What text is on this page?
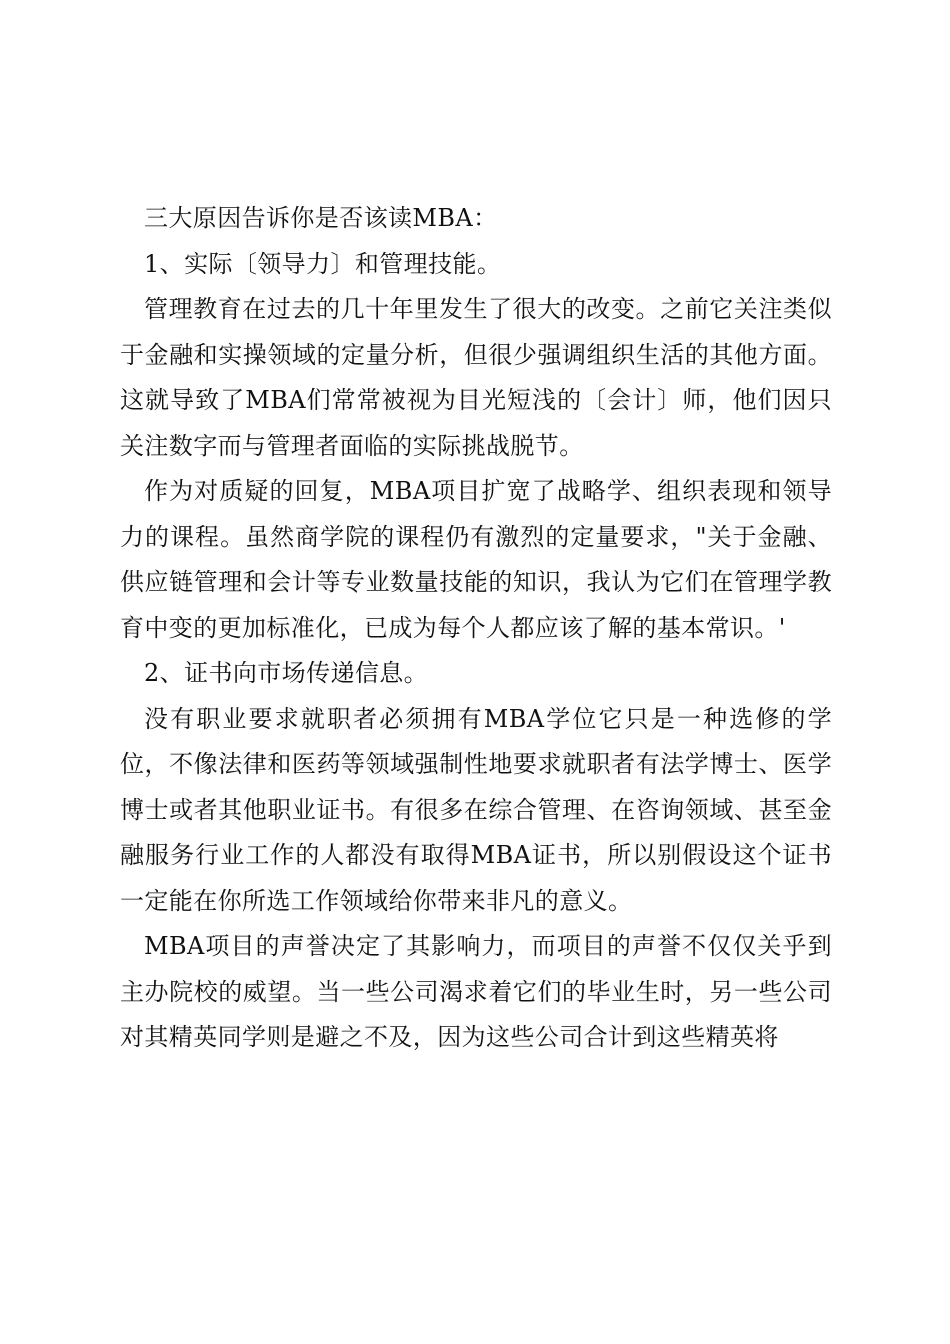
三大原因告诉你是否该读MBA：

1、实际〔领导力〕和管理技能。

管理教育在过去的几十年里发生了很大的改变。之前它关注类似于金融和实操领域的定量分析，但很少强调组织生活的其他方面。这就导致了MBA们常常被视为目光短浅的〔会计〕师，他们因只关注数字而与管理者面临的实际挑战脱节。

作为对质疑的回复，MBA项目扩宽了战略学、组织表现和领导力的课程。虽然商学院的课程仍有激烈的定量要求，"关于金融、供应链管理和会计等专业数量技能的知识，我认为它们在管理学教育中变的更加标准化，已成为每个人都应该了解的基本常识。'

2、证书向市场传递信息。

没有职业要求就职者必须拥有MBA学位它只是一种选修的学位，不像法律和医药等领域强制性地要求就职者有法学博士、医学博士或者其他职业证书。有很多在综合管理、在咨询领域、甚至金融服务行业工作的人都没有取得MBA证书，所以别假设这个证书一定能在你所选工作领域给你带来非凡的意义。

MBA项目的声誉决定了其影响力，而项目的声誉不仅仅关乎到主办院校的威望。当一些公司渴求着它们的毕业生时，另一些公司对其精英同学则是避之不及，因为这些公司合计到这些精英将
